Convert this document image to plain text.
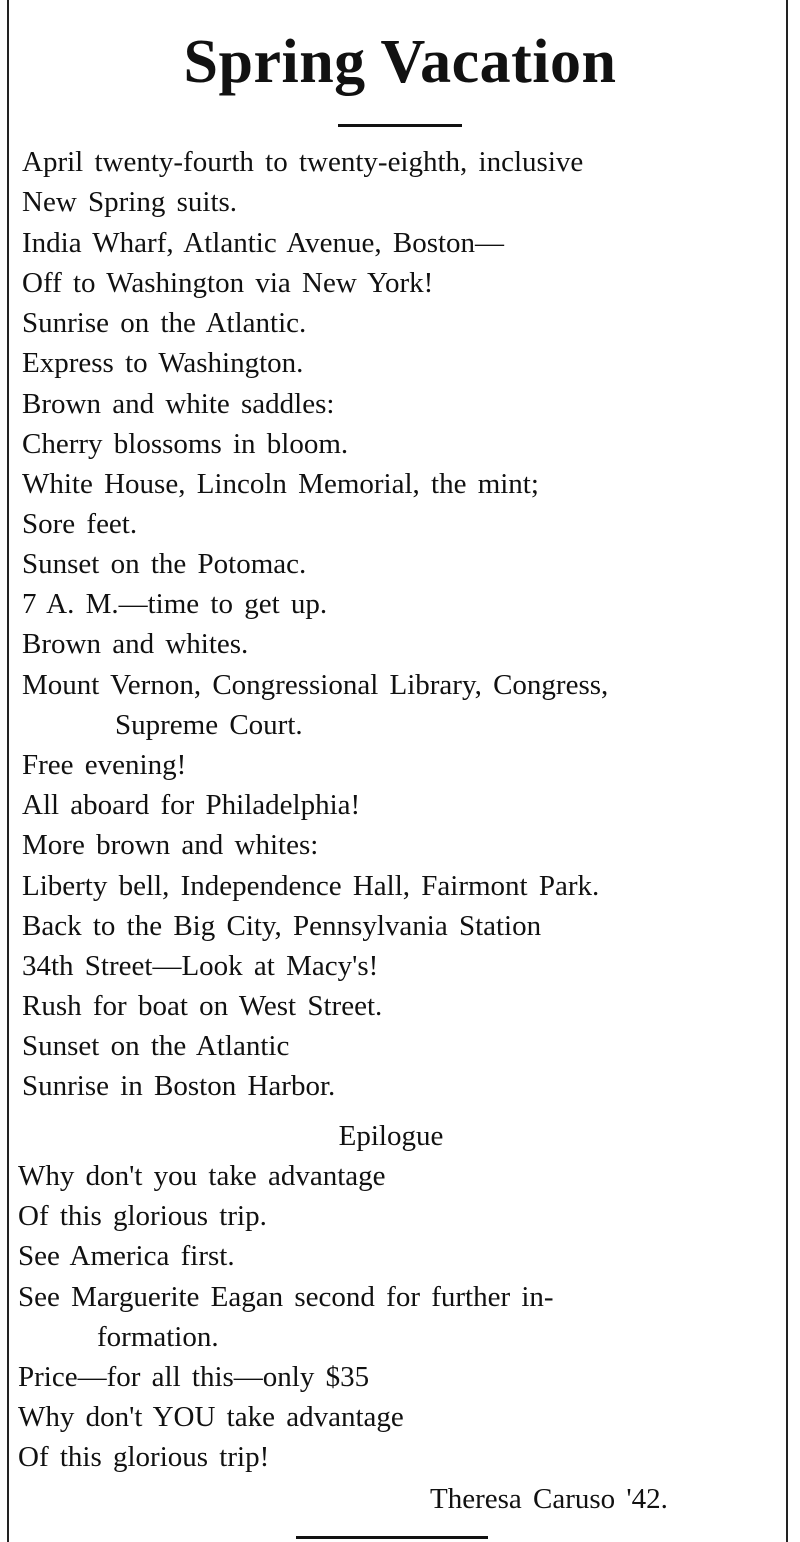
Spring Vacation
April twenty-fourth to twenty-eighth, inclusive
New Spring suits.
India Wharf, Atlantic Avenue, Boston—
Off to Washington via New York!
Sunrise on the Atlantic.
Express to Washington.
Brown and white saddles:
Cherry blossoms in bloom.
White House, Lincoln Memorial, the mint;
Sore feet.
Sunset on the Potomac.
7 A. M.—time to get up.
Brown and whites.
Mount Vernon, Congressional Library, Congress,
Supreme Court.
Free evening!
All aboard for Philadelphia!
More brown and whites:
Liberty bell, Independence Hall, Fairmont Park.
Back to the Big City, Pennsylvania Station
34th Street—Look at Macy's!
Rush for boat on West Street.
Sunset on the Atlantic
Sunrise in Boston Harbor.
Epilogue
Why don't you take advantage
Of this glorious trip.
See America first.
See Marguerite Eagan second for further in-
formation.
Price—for all this—only $35
Why don't YOU take advantage
Of this glorious trip!
Theresa Caruso '42.
